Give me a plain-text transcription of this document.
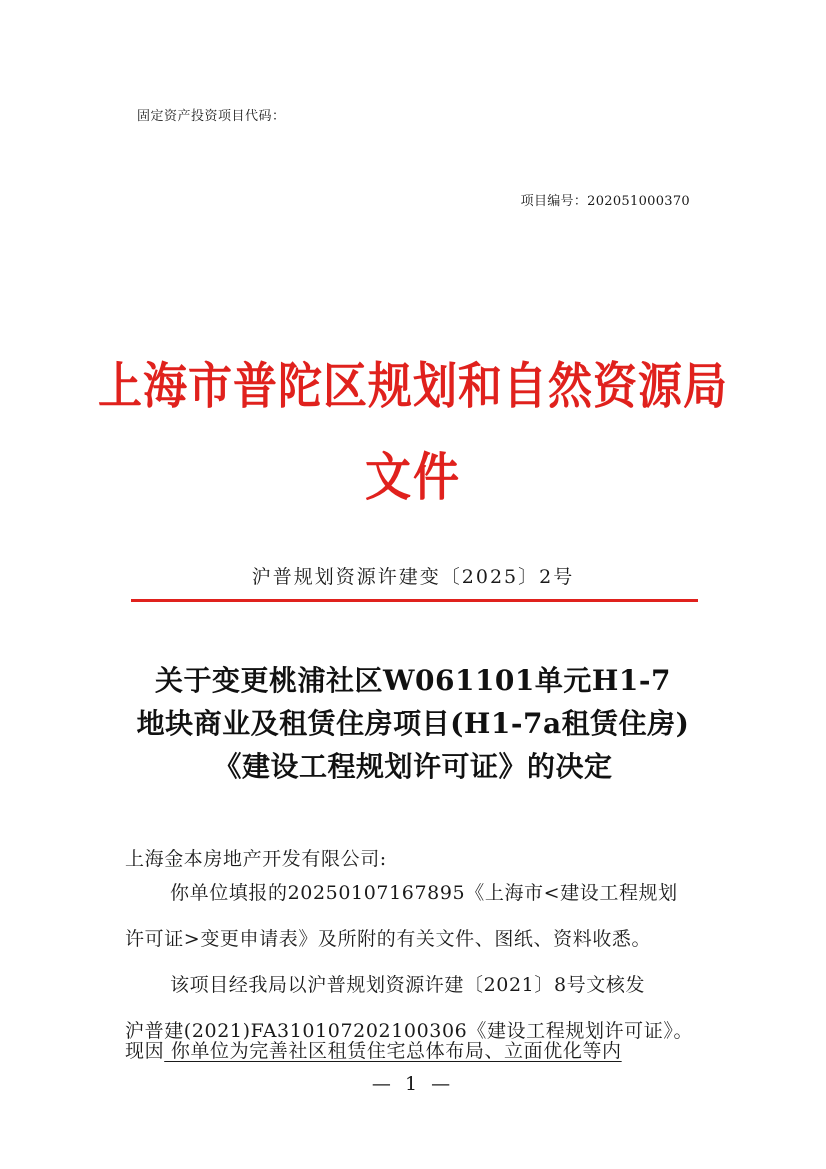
固定资产投资项目代码：
项目编号：202051000370
上海市普陀区规划和自然资源局
文件
沪普规划资源许建变〔2025〕2号
关于变更桃浦社区W061101单元H1-7
地块商业及租赁住房项目(H1-7a租赁住房)
《建设工程规划许可证》的决定
上海金本房地产开发有限公司:
你单位填报的20250107167895《上海市<建设工程规划
许可证>变更申请表》及所附的有关文件、图纸、资料收悉。
该项目经我局以沪普规划资源许建〔2021〕8号文核发
沪普建(2021)FA310107202100306《建设工程规划许可证》。
现因 你单位为完善社区租赁住宅总体布局、立面优化等内
— 1 —
